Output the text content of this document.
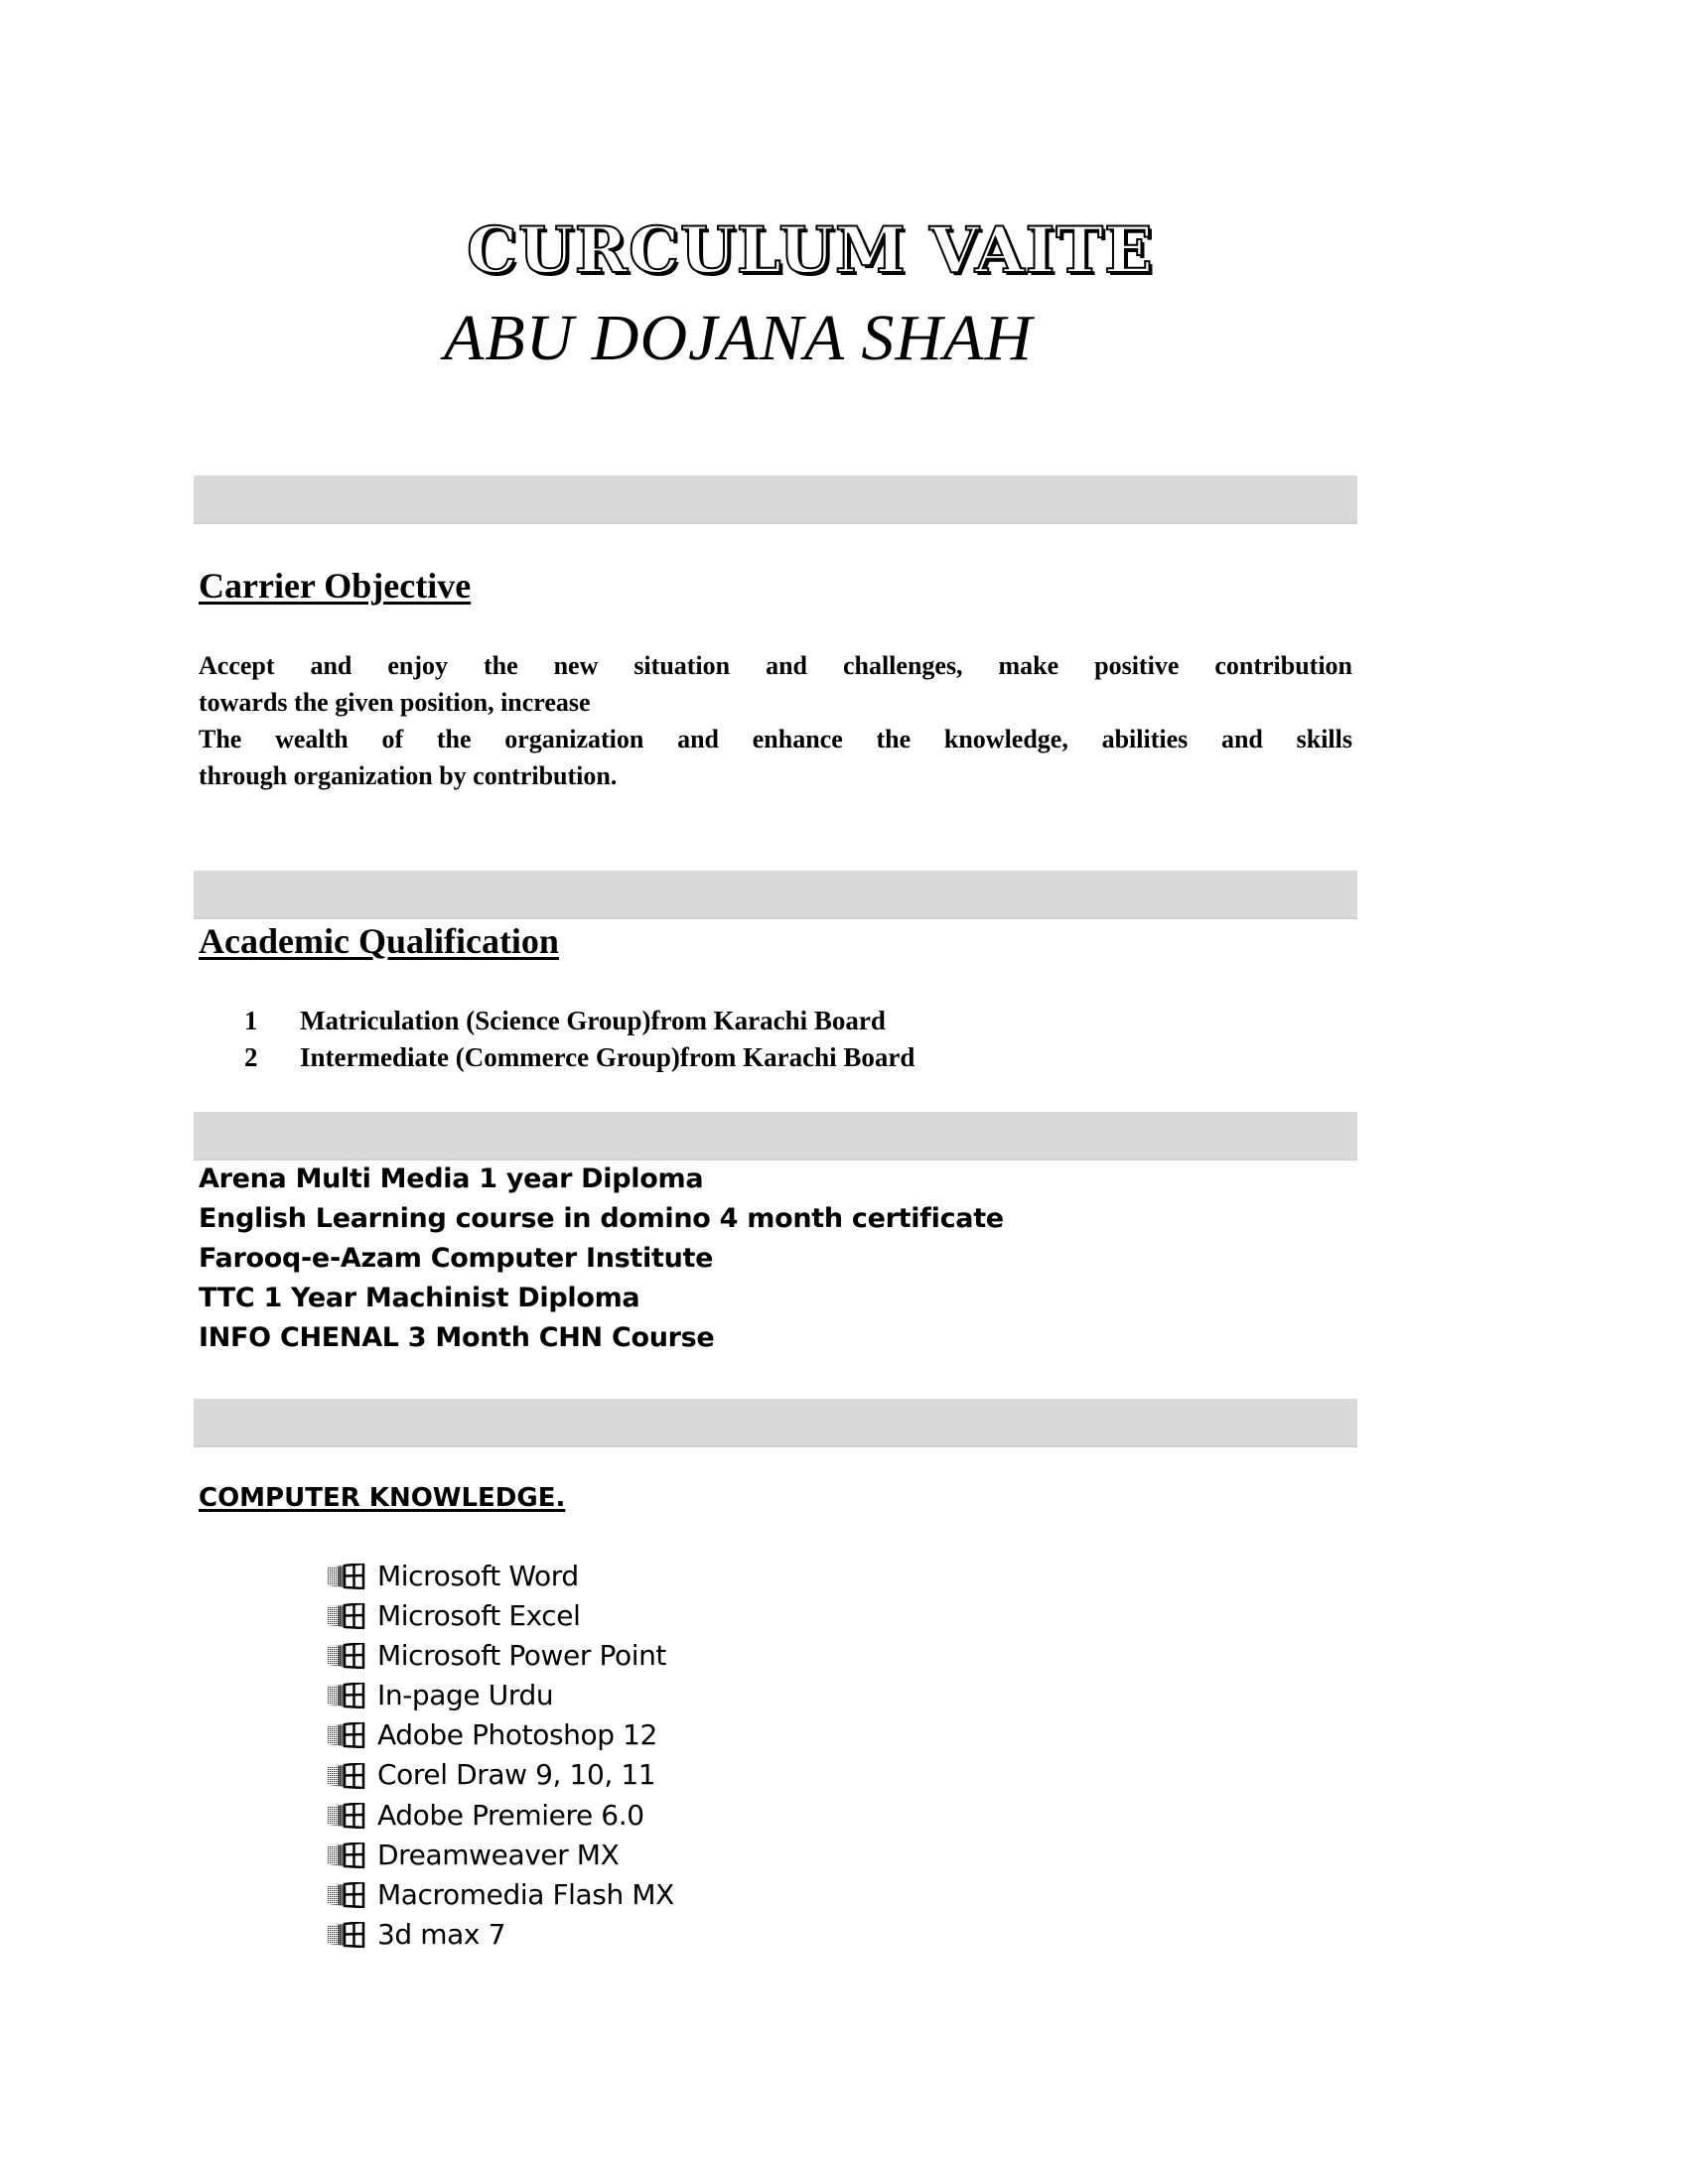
CURCULUM VAITE
ABU DOJANA SHAH
Carrier Objective

Accept and enjoy the new situation and challenges, make positive contribution

towards the given position, increase

The wealth of the organization and enhance the knowledge, abilities and skills

through organization by contribution.

Academic Qualification
1	Matriculation (Science Group)from Karachi Board
2	Intermediate (Commerce Group)from Karachi Board
Arena Multi Media 1 year Diploma
English Learning course in domino 4 month certificate
Farooq-e-Azam Computer Institute
TTC 1 Year Machinist Diploma
INFO CHENAL 3 Month CHN Course
COMPUTER KNOWLEDGE.
Microsoft Word
Microsoft Excel
Microsoft Power Point
In-page Urdu
Adobe Photoshop 12
Corel Draw 9, 10, 11
Adobe Premiere 6.0
Dreamweaver MX
Macromedia Flash MX
3d max 7
